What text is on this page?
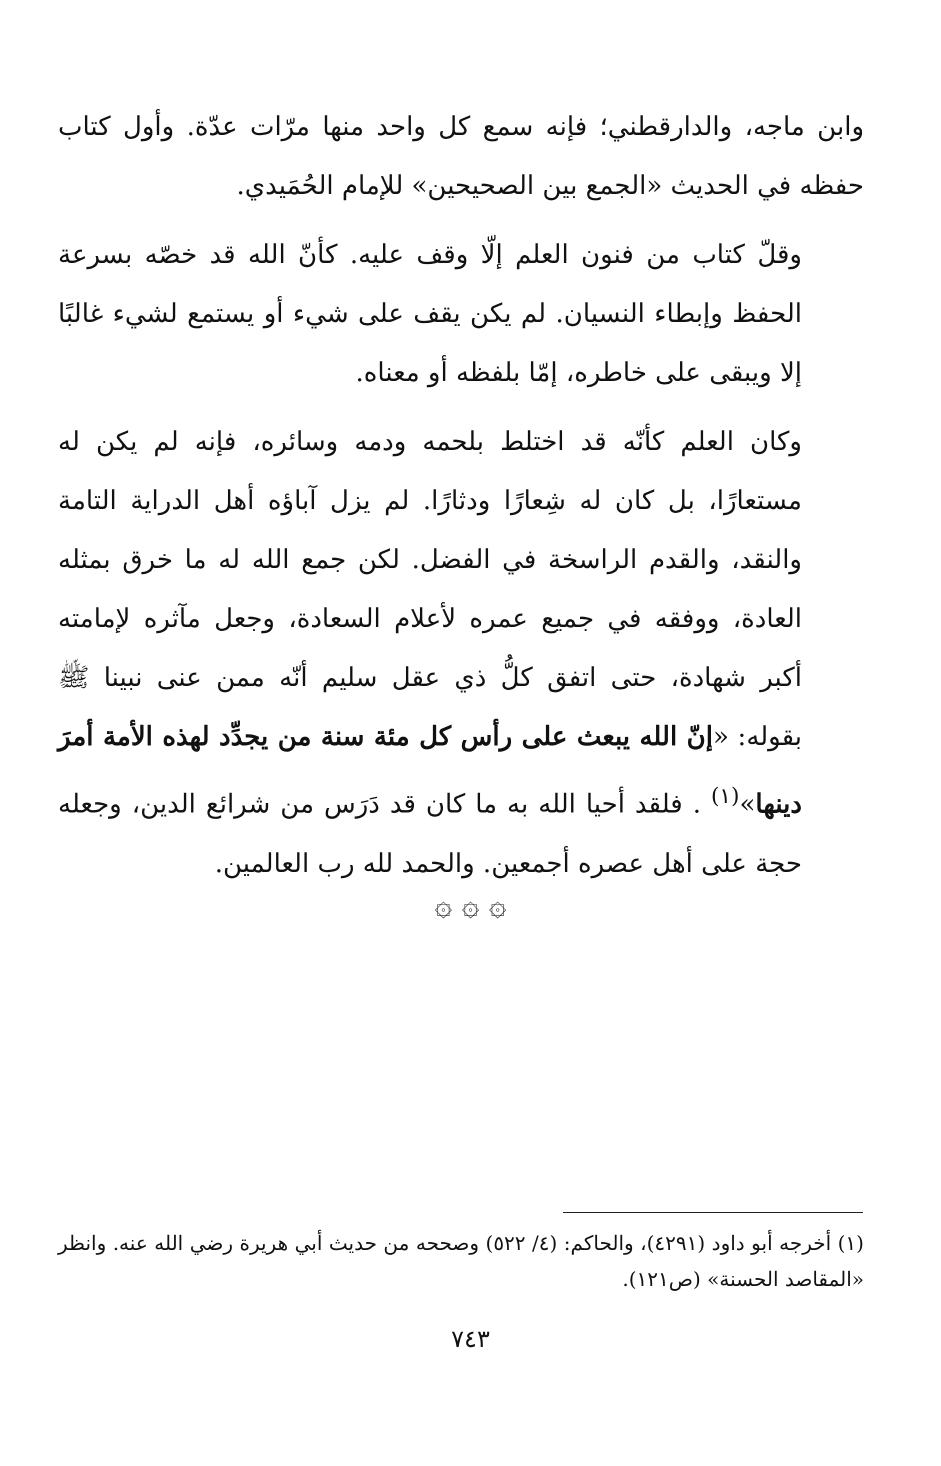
وابن ماجه، والدارقطني؛ فإنه سمع كل واحد منها مرّات عدّة. وأول كتاب حفظه في الحديث «الجمع بين الصحيحين» للإمام الحُمَيدي.

وقلّ كتاب من فنون العلم إلّا وقف عليه. كأنّ الله قد خصّه بسرعة الحفظ وإبطاء النسيان. لم يكن يقف على شيء أو يستمع لشيء غالبًا إلا ويبقى على خاطره، إمّا بلفظه أو معناه.

وكان العلم كأنّه قد اختلط بلحمه ودمه وسائره، فإنه لم يكن له مستعارًا، بل كان له شِعارًا ودثارًا. لم يزل آباؤه أهل الدراية التامة والنقد، والقدم الراسخة في الفضل. لكن جمع الله له ما خرق بمثله العادة، ووفقه في جميع عمره لأعلام السعادة، وجعل مآثره لإمامته أكبر شهادة، حتى اتفق كلُّ ذي عقل سليم أنّه ممن عنى نبينا ﷺ بقوله: «إنّ الله يبعث على رأس كل مئة سنة من يجدِّد لهذه الأمة أمرَ دينها»$^{(١)}$ . فلقد أحيا الله به ما كان قد دَرَس من شرائع الدين، وجعله حجة على أهل عصره أجمعين. والحمد لله رب العالمين.

۞ ۞ ۞

(١) أخرجه أبو داود (٤٢٩١)، والحاكم: (٤/ ٥٢٢) وصححه من حديث أبي هريرة رضي الله عنه. وانظر «المقاصد الحسنة» (ص١٢١).

٧٤٣
